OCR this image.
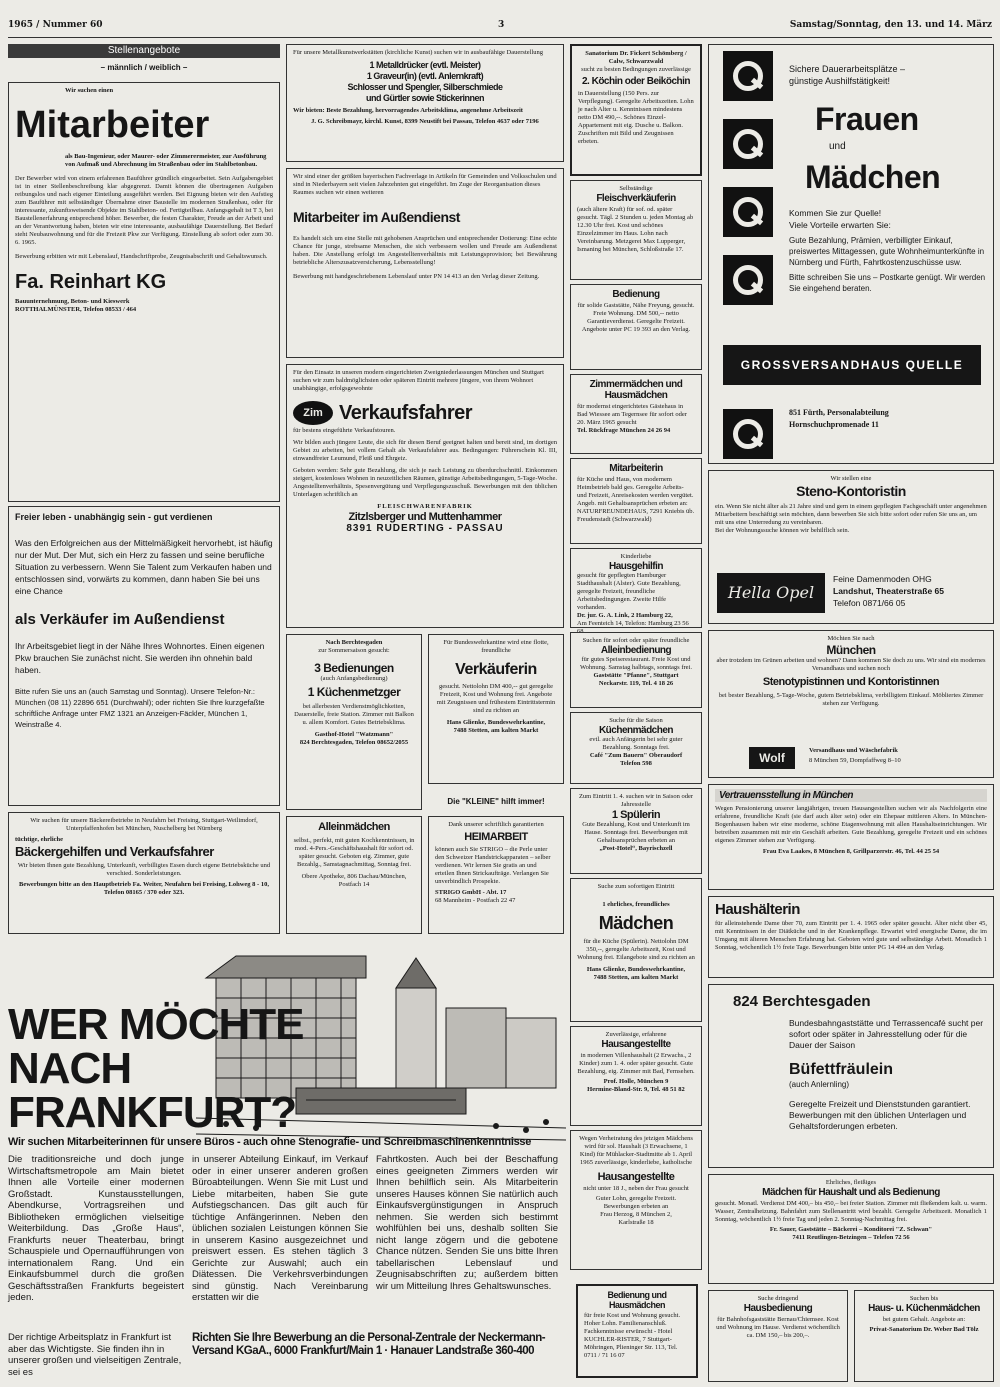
1965 / Nummer 60	3	Samstag/Sonntag, den 13. und 14. März
Stellenangebote
– männlich / weiblich –
Wir suchen einen
Mitarbeiter
als Bau-Ingenieur, oder Maurer- oder Zimmerermeister, zur Ausführung von Aufmaß und Abrechnung im Straßenbau oder im Stahlbetonbau.
Der Bewerber wird von einem erfahrenen Bauführer gründlich eingearbeitet. Sein Aufgabengebiet ist in einer Stellenbeschreibung klar abgegrenzt. Damit können die übertragenen Aufgaben reibungslos und nach eigener Einteilung ausgeführt werden. Bei Eignung bieten wir den Aufstieg zum Bauführer mit selbständiger Übernahme einer Baustelle im modernen Straßenbau, oder für interessante, zukunftsweisende Objekte im Stahlbeton- od. Fertigteilbau. Anfangsgehalt ist T 3, bei Baustellenerfahrung entsprechend höher. Bewerber, die festen Charakter, Freude an der Arbeit und an der Verantwortung haben, bieten wir eine interessante, ausbaufähige Dauerstellung. Bei Bedarf steht Neubauwohnung und für die Freizeit Pkw zur Verfügung. Einstellung ab sofort oder zum 30. 6. 1965.
Bewerbung erbitten wir mit Lebenslauf, Handschriftprobe, Zeugnisabschrift und Gehaltswunsch.
Fa. Reinhart KG
Bauunternehmung, Beton- und Kieswerk
ROTTHALMÜNSTER, Telefon 08533 / 464
Freier leben - unabhängig sein - gut verdienen
Was den Erfolgreichen aus der Mittelmäßigkeit hervorhebt, ist häufig nur der Mut. Der Mut, sich ein Herz zu fassen und seine berufliche Situation zu verbessern. Wenn Sie Talent zum Verkaufen haben und entschlossen sind, vorwärts zu kommen, dann haben Sie bei uns eine Chance
als Verkäufer im Außendienst
Ihr Arbeitsgebiet liegt in der Nähe Ihres Wohnortes. Einen eigenen Pkw brauchen Sie zunächst nicht. Sie werden ihn ohnehin bald haben.
Bitte rufen Sie uns an (auch Samstag und Sonntag). Unsere Telefon-Nr.: München (08 11) 22896 651 (Durchwahl); oder richten Sie Ihre kurzgefaßte schriftliche Anfrage unter FMZ 1321 an Anzeigen-Fäckler, München 1, Weinstraße 4.
Wir suchen für unsere Bäckereibetriebe in Neufahrn bei Freising, Stuttgart-Weilimdorf, Unterpfaffenhofen bei München, Nuschelberg bei Nürnberg
tüchtige, ehrliche
Bäckergehilfen und Verkaufsfahrer
Wir bieten Ihnen gute Bezahlung, Unterkunft, verbilligtes Essen durch eigene Betriebsküche und verschied. Sonderleistungen.
Bewerbungen bitte an den Hauptbetrieb Fa. Weiter, Neufahrn bei Freising, Lohweg 8 - 10, Telefon 08165 / 370 oder 323.
Für unsere Metallkunstwerkstätten (kirchliche Kunst) suchen wir in ausbaufähige Dauerstellung
1 Metalldrücker (evtl. Meister)
1 Graveur(in) (evtl. Anlernkraft)
Schlosser und Spengler, Silberschmiede
und Gürtler sowie Stickerinnen
Wir bieten: Beste Bezahlung, hervorragendes Arbeitsklima, angenehme Arbeitszeit
J. G. Schreibmayr, kirchl. Kunst, 8399 Neustift bei Passau, Telefon 4637 oder 7196
Wir sind einer der größten bayerischen Fachverlage in Artikeln für Gemeinden und Volksschulen und sind in Niederbayern seit vielen Jahrzehnten gut eingeführt. Im Zuge der Reorganisation dieses Raumes suchen wir einen weiteren
Mitarbeiter im Außendienst
Es handelt sich um eine Stelle mit gehobenen Ansprüchen und entsprechender Dotierung: Eine echte Chance für junge, strebsame Menschen, die sich verbessern wollen und Freude am Außendienst haben. Die Anstellung erfolgt im Angestelltenverhältnis mit Leistungsprovision; bei Bewährung betriebliche Alterszusatzversicherung, Lebensstellung!
Bewerbung mit handgeschriebenem Lebenslauf unter PN 14 413 an den Verlag dieser Zeitung.
Für den Einsatz in unseren modern eingerichteten Zweigniederlassungen München und Stuttgart suchen wir zum baldmöglichsten oder späteren Eintritt mehrere jüngere, von ihrem Wohnort unabhängige, erfolgsgewohnte
Zim Verkaufsfahrer
für bestens eingeführte Verkaufstouren.
Wir bilden auch jüngere Leute, die sich für diesen Beruf geeignet halten und bereit sind, im dortigen Gebiet zu arbeiten, bei vollem Gehalt als Verkaufsfahrer aus. Bedingungen: Führerschein Kl. III, einwandfreier Leumund, Fleiß und Ehrgeiz.
Geboten werden: Sehr gute Bezahlung, die sich je nach Leistung zu überdurchschnittl. Einkommen steigert, kostenloses Wohnen in neuzeitlichen Räumen, günstige Arbeitsbedingungen, 5-Tage-Woche. Angestelltenverhältnis, Spesenvergütung und Verpflegungszuschuß. Bewerbungen mit den üblichen Unterlagen schriftlich an
FLEISCHWARENFABRIK
Zitzlsberger und Muttenhammer
8391 RUDERTING - PASSAU
Nach Berchtesgaden
zur Sommersaison gesucht:
3 Bedienungen
(auch Anfangsbedienung)
1 Küchenmetzger
bei allerbesten Verdienstmöglichkeiten, Dauerstelle, freie Station. Zimmer mit Balkon u. allem Komfort. Gutes Betriebsklima.
Gasthof-Hotel "Watzmann"
824 Berchtesgaden, Telefon 08652/2055
Für Bundeswehrkantine wird eine flotte, freundliche
Verkäuferin
gesucht. Nettolohn DM 400,-- gut geregelte Freizeit, Kost und Wohnung frei. Angebote mit Zeugnissen und frühestem Eintrittstermin sind zu richten an
Hans Glienke, Bundeswehrkantine,
7488 Stetten, am kalten Markt
Die "KLEINE" hilft immer!
Alleinmädchen
selbst., perfekt, mit guten Kochkenntnissen, in mod. 4-Pers.-Geschäftshaushalt für sofort od. später gesucht. Geboten eig. Zimmer, gute Bezahlg., Samstagnachmittag, Sonntag frei.
Obere Apotheke, 806 Dachau/München, Postfach 14
Dank unserer schriftlich garantierten
HEIMARBEIT
können auch Sie STRIGO – die Perle unter den Schweizer Handstrickapparaten – selber verdienen. Wir lernen Sie gratis an und erteilen Ihnen Strickaufträge. Verlangen Sie unverbindlich Prospekte.
STRIGO GmbH - Abt. 17
68 Mannheim - Postfach 22 47
Sanatorium Dr. Fickert Schömberg / Calw, Schwarzwald
sucht zu besten Bedingungen zuverlässige
2. Köchin oder Beiköchin
in Dauerstellung (150 Pers. zur Verpflegung). Geregelte Arbeitszeiten. Lohn je nach Alter u. Kenntnissen mindestens netto DM 490,--. Schönes Einzel-Appartement mit eig. Dusche u. Balkon. Zuschriften mit Bild und Zeugnissen erbeten.
Selbständige
Fleischverkäuferin
(auch ältere Kraft) für sof. od. später gesucht. Tägl. 2 Stunden u. jeden Montag ab 12.30 Uhr frei. Kost und schönes Einzelzimmer im Haus. Lohn nach Vereinbarung. Metzgerei Max Lupperger, Ismaning bei München, Schloßstraße 17.
Bedienung
für solide Gaststätte, Nähe Freyung, gesucht. Freie Wohnung. DM 500,-- netto Garantieverdienst. Geregelte Freizeit. Angebote unter PC 19 393 an den Verlag.
Zimmermädchen und Hausmädchen
für modernst eingerichtetes Gästehaus in Bad Wiessee am Tegernsee für sofort oder 20. März 1965 gesucht
Tel. Rückfrage München 24 26 94
Mitarbeiterin
für Küche und Haus, von modernem Heimbetrieb bald ges. Geregelte Arbeits- und Freizeit, Anreisekosten werden vergütet. Angeb. mit Gehaltsansprüchen erbeten an: NATURFREUNDEHAUS, 7291 Kniebis üb. Freudenstadt (Schwarzwald)
Kinderliebe
Hausgehilfin
gesucht für gepflegten Hamburger Stadthaushalt (Alster). Gute Bezahlung, geregelte Freizeit, freundliche Arbeitsbedingungen. Zweite Hilfe vorhanden.
Dr. jur. G. A. Link, 2 Hamburg 22,
Am Feenteich 14, Telefon: Hamburg 23 56
Suchen für sofort oder später freundliche
Alleinbedienung
für gutes Speiserestaurant. Freie Kost und Wohnung. Samstag halbtags, sonntags frei.
Gaststätte "Pfanne", Stuttgart
Neckarstr. 119, Tel. 4 18 26
Suche für die Saison
Küchenmädchen
evtl. auch Anfängerin bei sehr guter Bezahlung. Sonntags frei.
Café "Zum Bauern" Oberaudorf
Telefon 598
Zum Eintritt 1. 4. suchen wir in Saison oder Jahresstelle
1 Spülerin
Gute Bezahlung, Kost und Unterkunft im Hause. Sonntags frei. Bewerbungen mit Gehaltsansprüchen erbeten an
„Post-Hotel“, Bayrischzell
Suche zum sofortigen Eintritt
1 ehrliches, freundliches
Mädchen
für die Küche (Spülerin). Nettolohn DM 350,--, geregelte Arbeitszeit, Kost und Wohnung frei. Eilangebote sind zu richten an
Hans Glienke, Bundeswehrkantine,
7488 Stetten, am kalten Markt
Zuverlässige, erfahrene
Hausangestellte
in modernen Villenhaushalt (2 Erwachs., 2 Kinder) zum 1. 4. oder später gesucht. Gute Bezahlung, eig. Zimmer mit Bad, Fernsehen.
Prof. Holle, München 9
Hermine-Bland-Str. 9, Tel. 48 51 82
Wegen Verheiratung des jetzigen Mädchens wird für sol. Haushalt (3 Erwachsene, 1 Kind) für Mühlacker-Stadtmitte ab 1. April 1965 zuverlässige, kinderliebe, katholische
Hausangestellte
nicht unter 18 J., neben der Frau gesucht
Guter Lohn, geregelte Freizeit. Bewerbungen erbeten an
Frau Herzog, 8 München 2,
Karlstraße 18
Bedienung und Hausmädchen
für freie Kost und Wohnung gesucht. Hoher Lohn. Familienanschluß. Fachkenntnisse erwünscht - Hotel KUCHLER-RISTER, 7 Stuttgart-Möhringen, Plieninger Str. 113, Tel. 0711 / 71 16 07
Sichere Dauerarbeitsplätze –
günstige Aushilfstätigkeit!
Frauen
und
Mädchen
Kommen Sie zur Quelle!
Viele Vorteile erwarten Sie:
Gute Bezahlung, Prämien, verbilligter Einkauf, preiswertes Mittagessen, gute Wohnheimunterkünfte in Nürnberg und Fürth, Fahrtkostenzuschüsse usw.
Bitte schreiben Sie uns – Postkarte genügt. Wir werden Sie eingehend beraten.
GROSSVERSANDHAUS QUELLE
851 Fürth, Personalabteilung
Hornschuchpromenade 11
Wir stellen eine
Steno-Kontoristin
ein. Wenn Sie nicht älter als 21 Jahre sind und gern in einem gepflegten Fachgeschäft unter angenehmen Mitarbeitern beschäftigt sein möchten, dann bewerben Sie sich bitte sofort oder rufen Sie uns an, um mit uns eine Unterredung zu vereinbaren.
Bei der Wohnungssuche können wir behilflich sein.
Hella Opel
Feine Damenmoden OHG
Landshut, Theaterstraße 65
Telefon 0871/66 05
Möchten Sie nach
München
aber trotzdem im Grünen arbeiten und wohnen? Dann kommen Sie doch zu uns. Wir sind ein modernes Versandhaus und suchen noch
Stenotypistinnen und Kontoristinnen
bei bester Bezahlung, 5-Tage-Woche, gutem Betriebsklima, verbilligtem Einkauf. Möbliertes Zimmer stehen zur Verfügung.
Wolf
Versandhaus und Wäschefabrik
8 München 59, Dompfaffweg 8–10
Vertrauensstellung in München
Wegen Pensionierung unserer langjährigen, treuen Hausangestellten suchen wir als Nachfolgerin eine erfahrene, freundliche Kraft (sie darf auch älter sein) oder ein Ehepaar mittleren Alters. In München-Bogenhausen haben wir eine moderne, schöne Etagenwohnung mit allen Haushaltseinrichtungen. Wir betreiben zusammen mit mir ein Geschäft arbeiten. Gute Bezahlung, geregelte Freizeit und ein schönes eigenes Zimmer stehen zur Verfügung.
Frau Eva Laakes, 8 München 8, Grillparzerstr. 46, Tel. 44 25 54
Haushälterin
für alleinstehende Dame über 70, zum Eintritt per 1. 4. 1965 oder später gesucht. Älter nicht über 45, mit Kenntnissen in der Diätküche und in der Krankenpflege. Erwartet wird energische Dame, die im Umgang mit älteren Menschen Erfahrung hat. Geboten wird gute und selbständige Arbeit. Monatlich 1 Sonntag, wöchentlich 1½ freie Tage. Bewerbungen bitte unter PG 14 494 an den Verlag.
824 Berchtesgaden
Bundesbahngaststätte und Terrassencafé sucht per sofort oder später in Jahresstellung oder für die Dauer der Saison
Büfettfräulein
(auch Anlernling)
Geregelte Freizeit und Dienststunden garantiert. Bewerbungen mit den üblichen Unterlagen und Gehaltsforderungen erbeten.
Ehrliches, fleißiges
Mädchen für Haushalt und als Bedienung
gesucht. Monatl. Verdienst DM 400,– bis 450,– bei freier Station. Zimmer mit fließendem kalt. u. warm. Wasser, Zentralheizung. Bahnfahrt zum Stellenantritt wird bezahlt. Geregelte Arbeitszeit. Monatlich 1 Sonntag, wöchentlich 1½ freie Tag und jeden 2. Sonntag-Nachmittag frei.
Fr. Sauer, Gaststätte – Bäckerei – Konditorei "Z. Schwan"
7411 Reutlingen-Betzingen – Telefon 72 56
Suche dringend
Hausbedienung
für Bahnhofsgaststätte Bernau/Chiemsee. Kost und Wohnung im Hause. Verdienst wöchentlich ca. DM 150,– bis 200,–.
Suchen bis
Haus- u. Küchenmädchen
bei gutem Gehalt. Angebote an:
Privat-Sanatorium Dr. Weber Bad Tölz
WER MÖCHTE
NACH
FRANKFURT?
Wir suchen Mitarbeiterinnen für unsere Büros - auch ohne Stenografie- und Schreibmaschinenkenntnisse
Die traditionsreiche und doch junge Wirtschaftsmetropole am Main bietet Ihnen alle Vorteile einer modernen Großstadt. Kunstausstellungen, Abendkurse, Vortragsreihen und Bibliotheken ermöglichen vielseitige Weiterbildung. Das „Große Haus“, Frankfurts neuer Theaterbau, bringt Schauspiele und Opernaufführungen von internationalem Rang. Und ein Einkaufsbummel durch die großen Geschäftsstraßen Frankfurts begeistert jeden.
Der richtige Arbeitsplatz in Frankfurt ist aber das Wichtigste. Sie finden ihn in unserer großen und vielseitigen Zentrale, sei es
in unserer Abteilung Einkauf, im Verkauf oder in einer unserer anderen großen Büroabteilungen. Wenn Sie mit Lust und Liebe mitarbeiten, haben Sie gute Aufstiegschancen. Das gilt auch für tüchtige Anfängerinnen. Neben den üblichen sozialen Leistungen können Sie in unserem Kasino ausgezeichnet und preiswert essen. Es stehen täglich 3 Gerichte zur Auswahl; auch ein Diätessen. Die Verkehrsverbindungen sind günstig. Nach Vereinbarung erstatten wir die
Fahrtkosten. Auch bei der Beschaffung eines geeigneten Zimmers werden wir Ihnen behilflich sein. Als Mitarbeiterin unseres Hauses können Sie natürlich auch Einkaufsvergünstigungen in Anspruch nehmen. Sie werden sich bestimmt wohlfühlen bei uns, deshalb sollten Sie nicht lange zögern und die gebotene Chance nützen. Senden Sie uns bitte Ihren tabellarischen Lebenslauf und Zeugnisabschriften zu; außerdem bitten wir um Mitteilung Ihres Gehaltswunsches.
Richten Sie Ihre Bewerbung an die Personal-Zentrale der Neckermann-Versand KGaA., 6000 Frankfurt/Main 1 · Hanauer Landstraße 360-400
